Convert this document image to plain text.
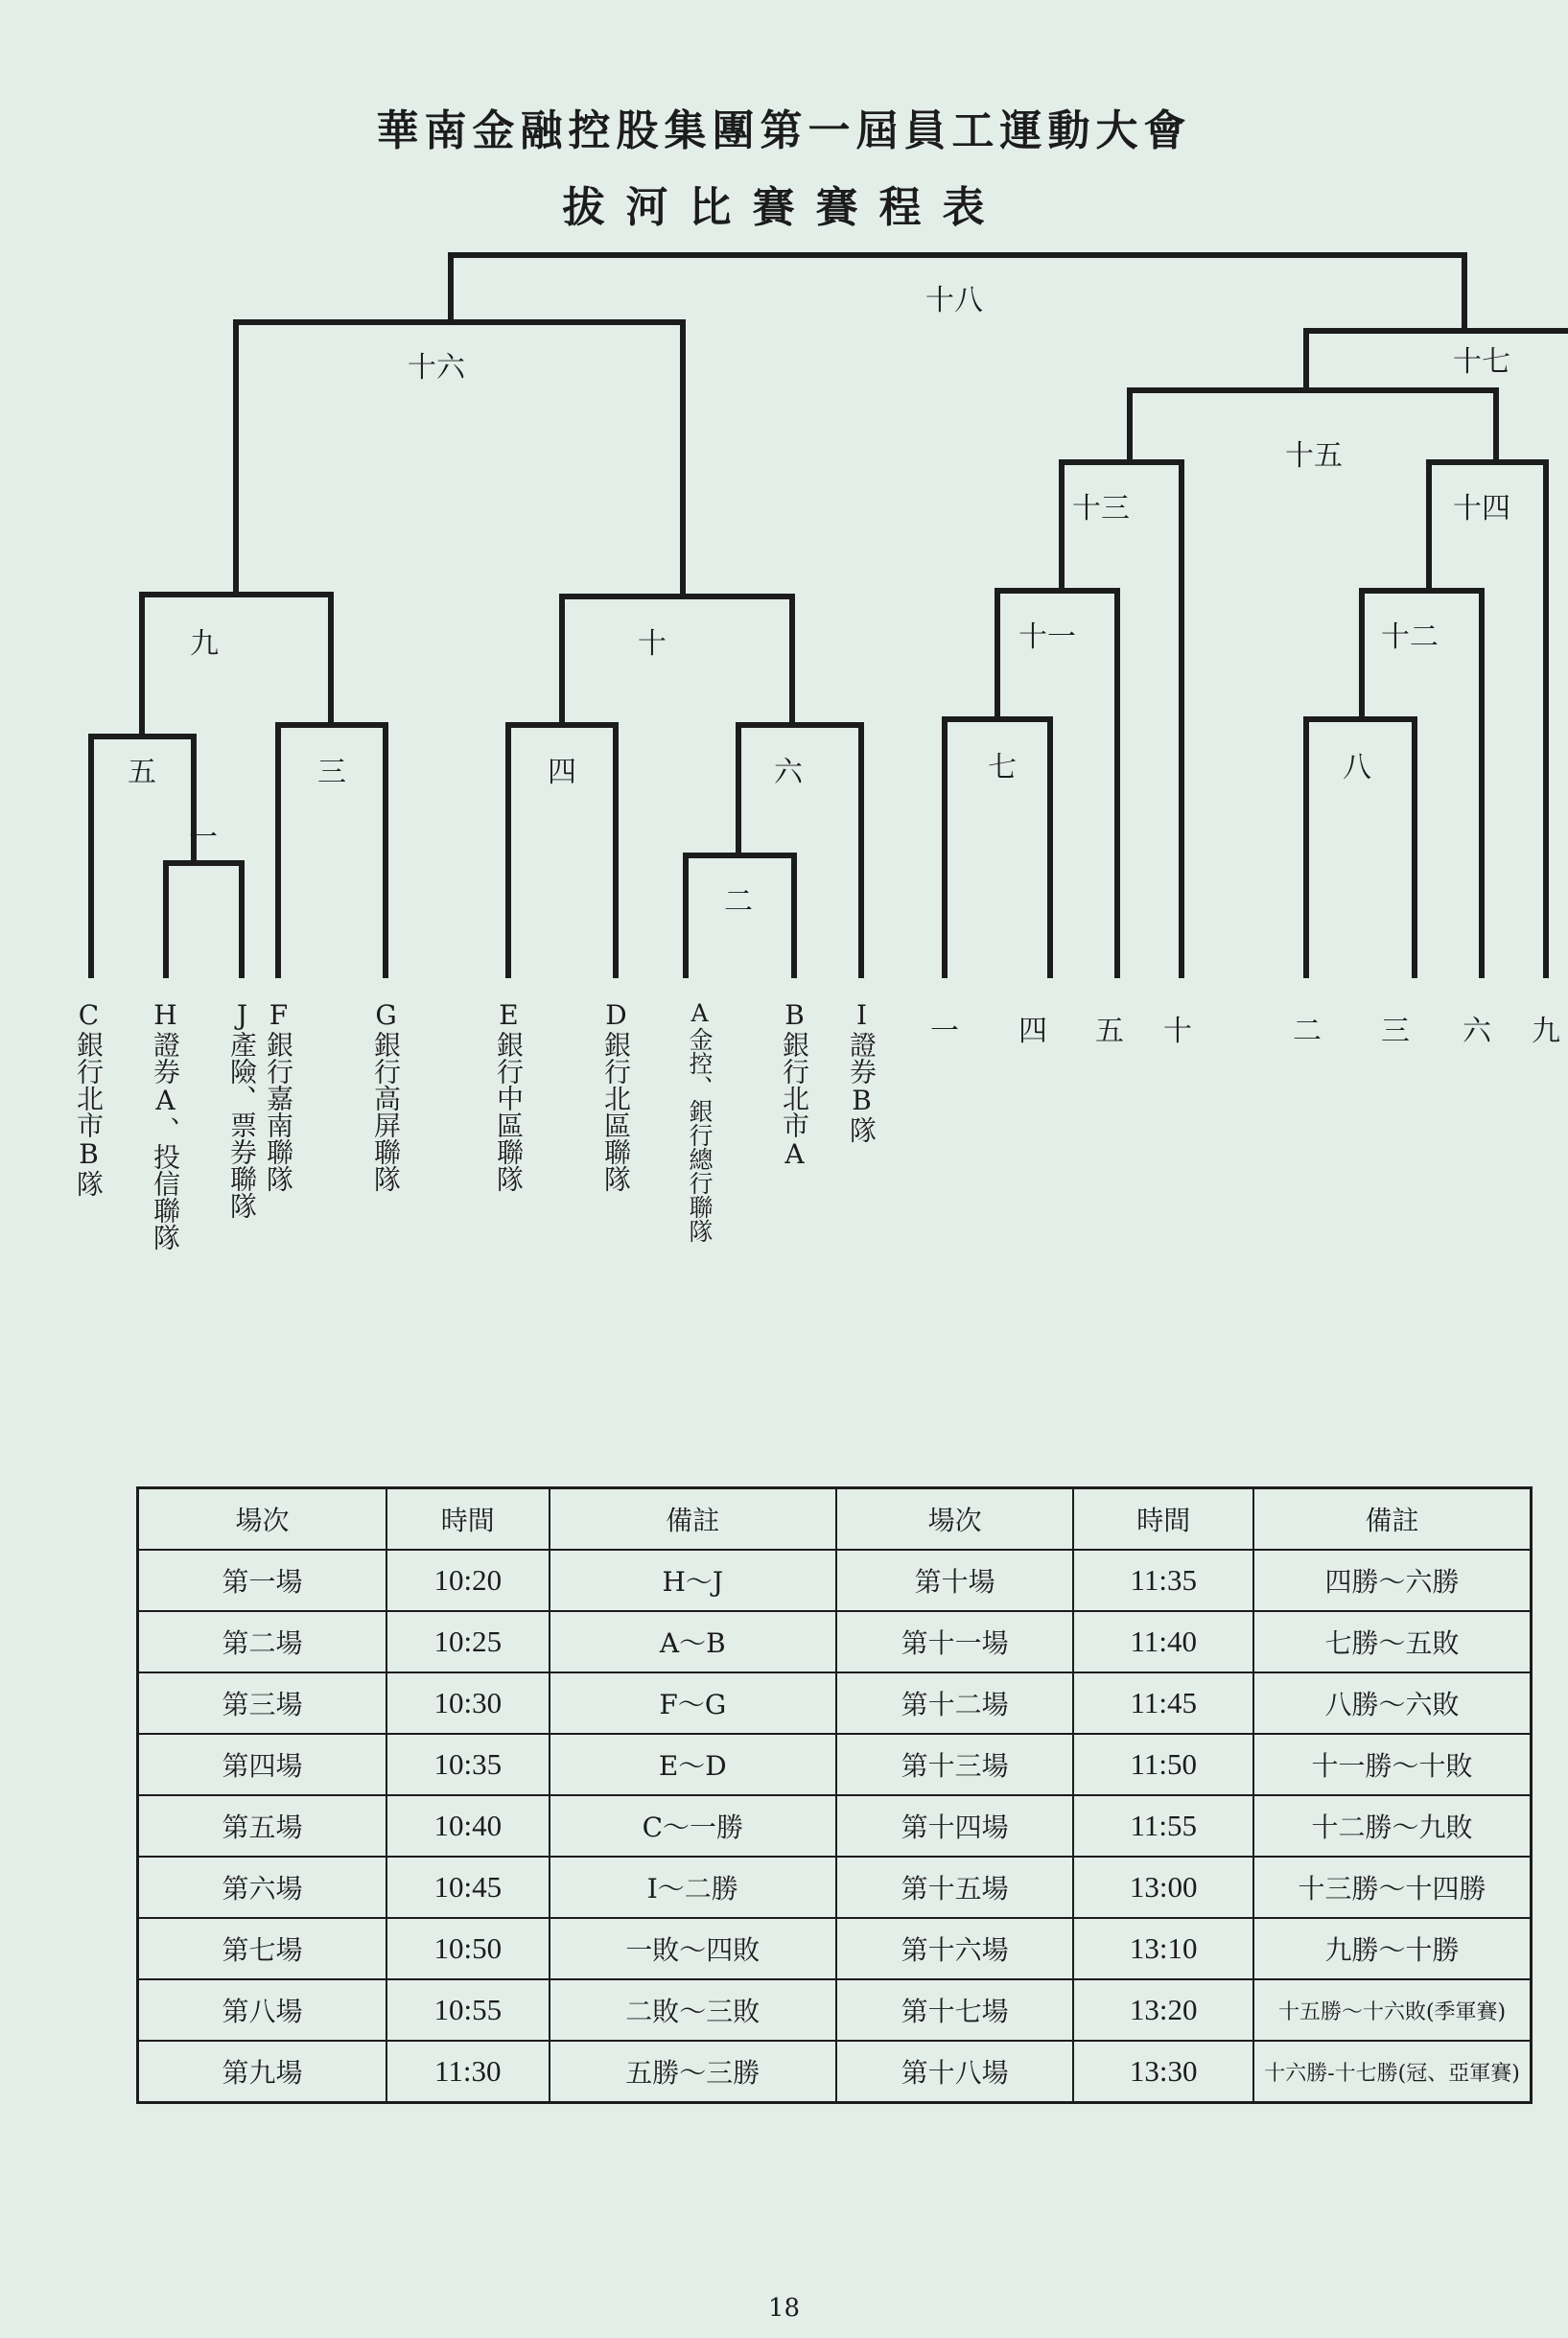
華南金融控股集團第一屆員工運動大會
拔河比賽賽程表
一
五	三	四	六
二
九	十
十六
十八
七
十一
十三
八
十二
十四
十五
十七
C銀行北市B隊 H證券A、投信聯隊 J產險、票券聯隊 F銀行嘉南聯隊	G銀行高屏聯隊	E銀行中區聯隊	D銀行北區聯隊 A金控、銀行總行聯隊 B銀行北市A I證券B隊 一 四 五 十	二 三 六 九
場次	時間	備註	場次	時間	備註
第一場	10:20	H～J	第十場	11:35	四勝～六勝
第二場	10:25	A～B	第十一場	11:40	七勝～五敗
第三場	10:30	F～G	第十二場	11:45	八勝～六敗
第四場	10:35	E～D	第十三場	11:50	十一勝～十敗
第五場	10:40	C～一勝	第十四場	11:55	十二勝～九敗
第六場	10:45	I～二勝	第十五場	13:00	十三勝～十四勝
第七場	10:50	一敗～四敗	第十六場	13:10	九勝～十勝
第八場	10:55	二敗～三敗	第十七場	13:20	十五勝～十六敗(季軍賽)
第九場	11:30	五勝～三勝	第十八場	13:30	十六勝-十七勝(冠、亞軍賽)
18
